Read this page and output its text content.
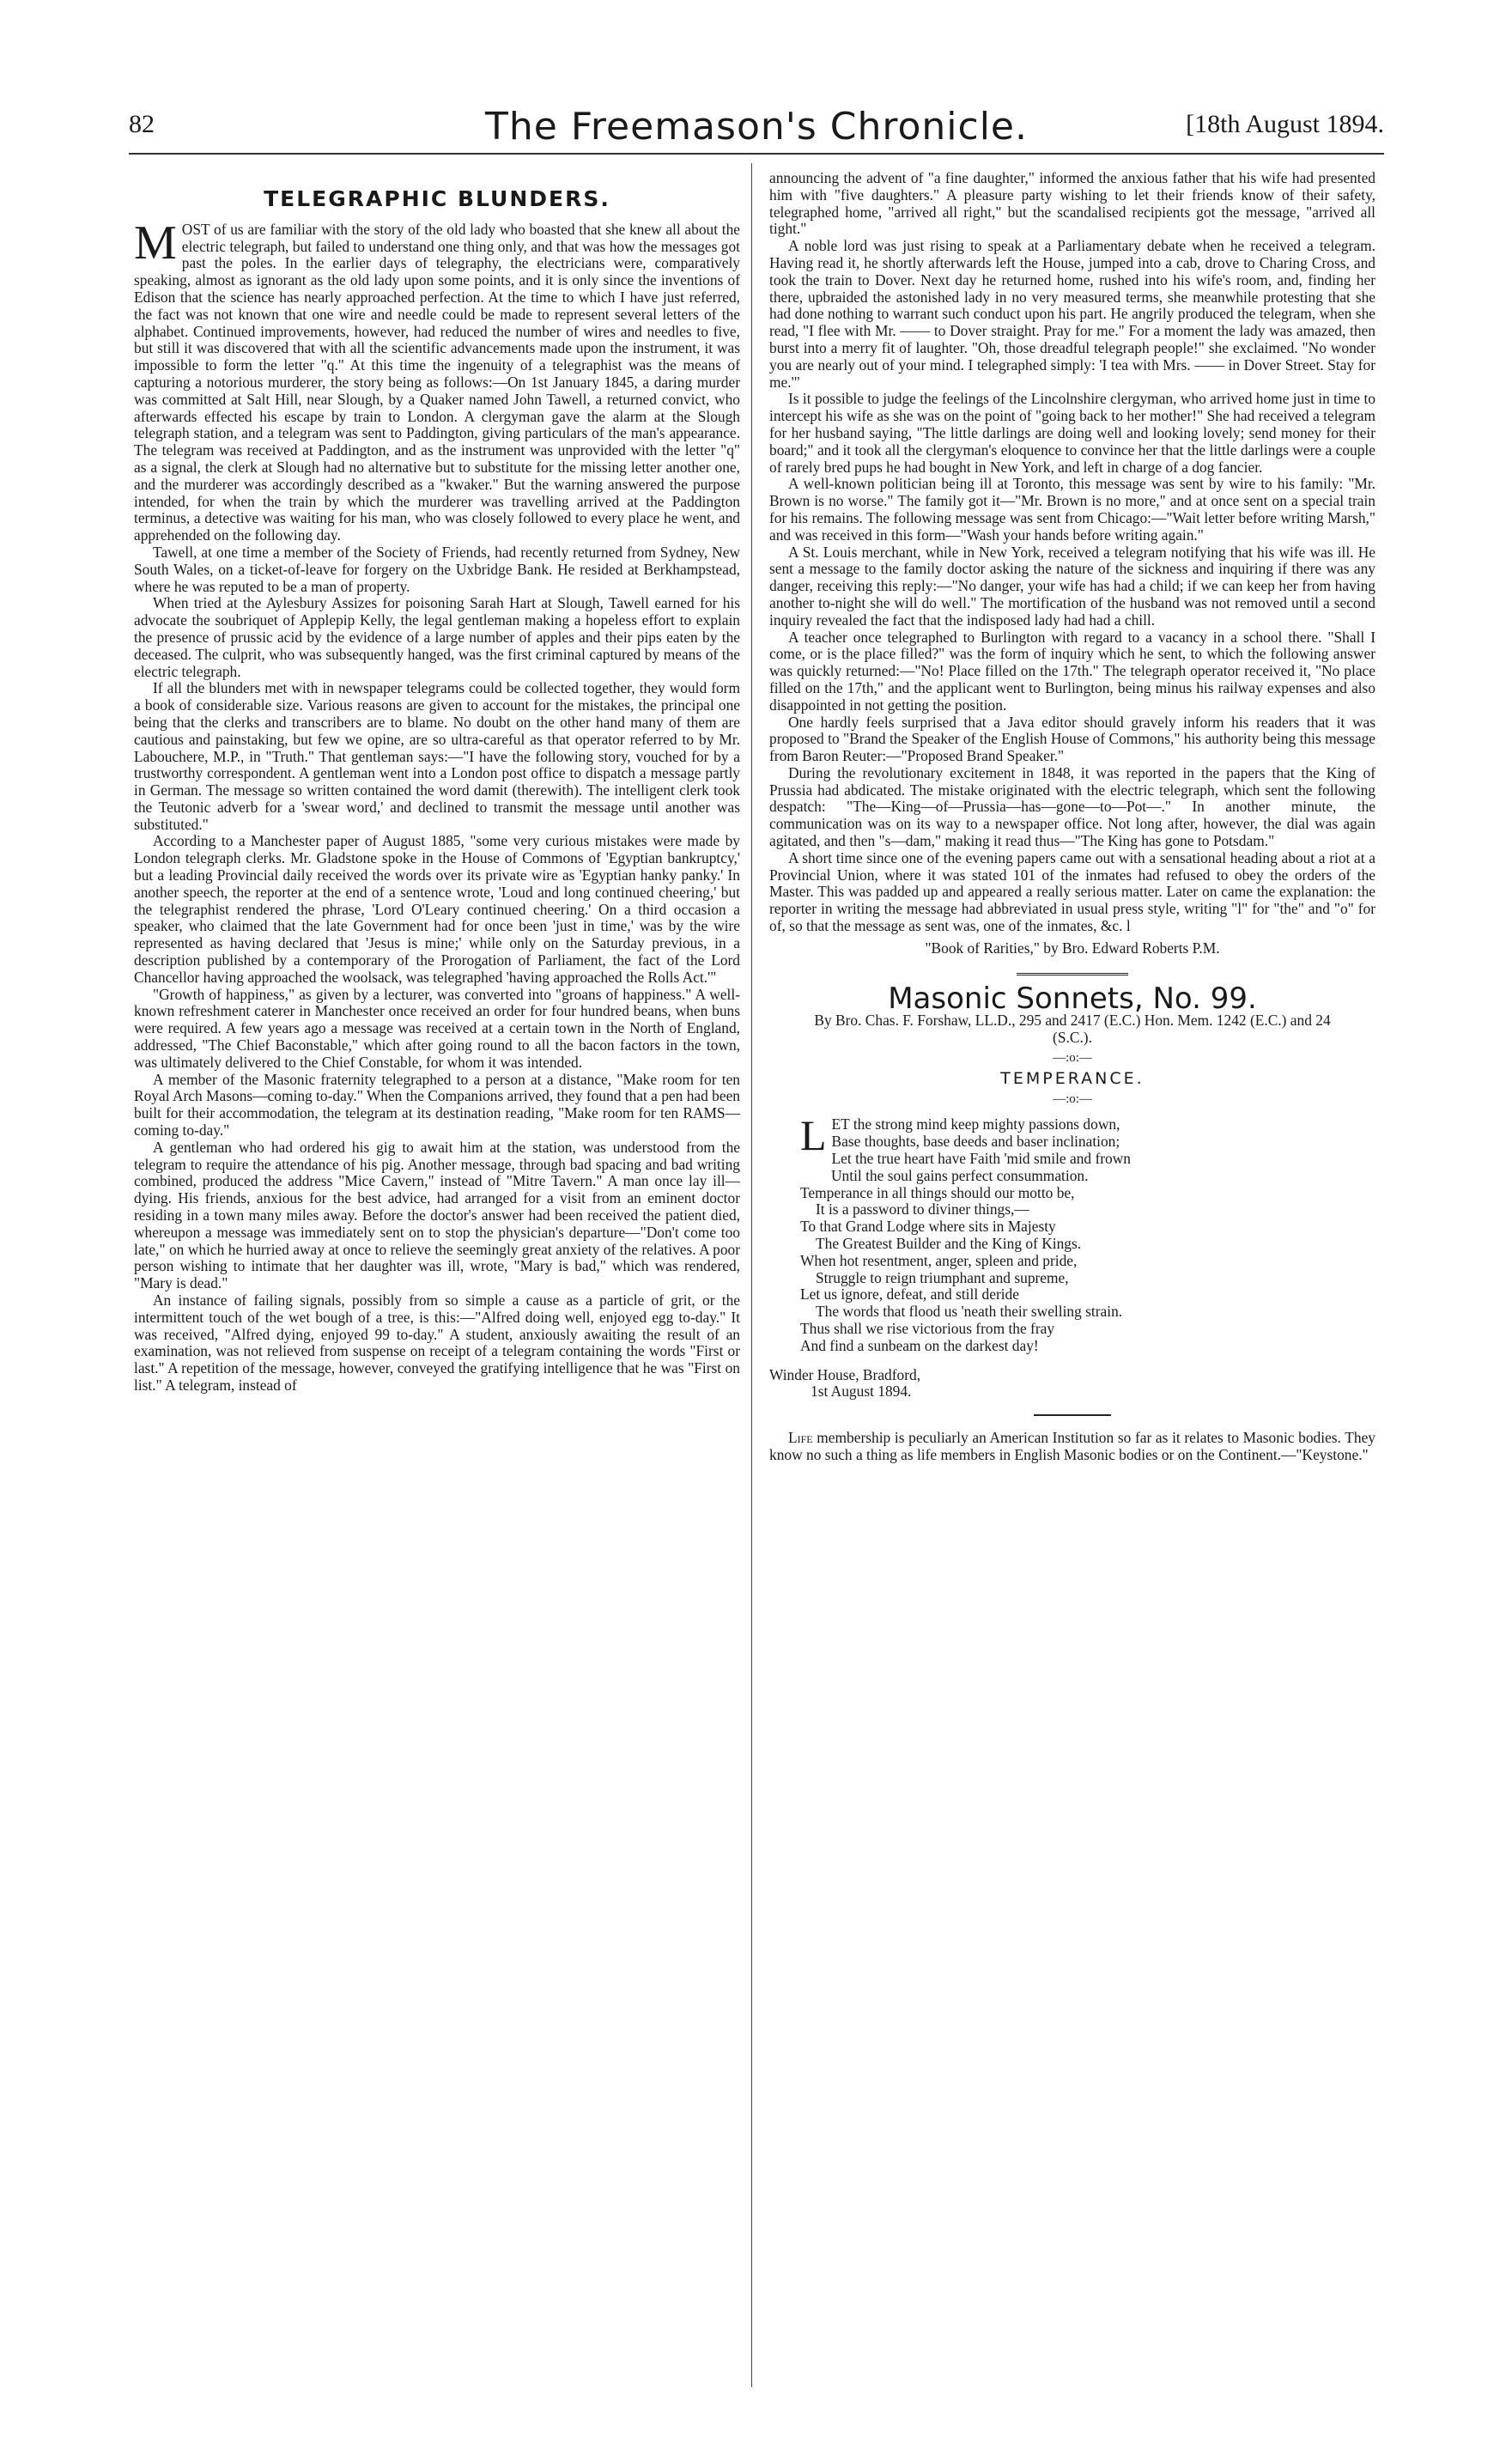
82	The Freemason's Chronicle.	[18th August 1894.
TELEGRAPHIC BLUNDERS.

MOST of us are familiar with the story of the old lady who boasted that she knew all about the electric telegraph, but failed to understand one thing only, and that was how the messages got past the poles. In the earlier days of telegraphy, the electricians were, comparatively speaking, almost as ignorant as the old lady upon some points, and it is only since the inventions of Edison that the science has nearly approached perfection. At the time to which I have just referred, the fact was not known that one wire and needle could be made to represent several letters of the alphabet. Continued improvements, however, had reduced the number of wires and needles to five, but still it was discovered that with all the scientific advancements made upon the instrument, it was impossible to form the letter "q." At this time the ingenuity of a telegraphist was the means of capturing a notorious murderer, the story being as follows:—On 1st January 1845, a daring murder was committed at Salt Hill, near Slough, by a Quaker named John Tawell, a returned convict, who afterwards effected his escape by train to London. A clergyman gave the alarm at the Slough telegraph station, and a telegram was sent to Paddington, giving particulars of the man's appearance. The telegram was received at Paddington, and as the instrument was unprovided with the letter "q" as a signal, the clerk at Slough had no alternative but to substitute for the missing letter another one, and the murderer was accordingly described as a "kwaker." But the warning answered the purpose intended, for when the train by which the murderer was travelling arrived at the Paddington terminus, a detective was waiting for his man, who was closely followed to every place he went, and apprehended on the following day.

Tawell, at one time a member of the Society of Friends, had recently returned from Sydney, New South Wales, on a ticket-of-leave for forgery on the Uxbridge Bank. He resided at Berkhampstead, where he was reputed to be a man of property.

When tried at the Aylesbury Assizes for poisoning Sarah Hart at Slough, Tawell earned for his advocate the soubriquet of Applepip Kelly, the legal gentleman making a hopeless effort to explain the presence of prussic acid by the evidence of a large number of apples and their pips eaten by the deceased. The culprit, who was subsequently hanged, was the first criminal captured by means of the electric telegraph.

If all the blunders met with in newspaper telegrams could be collected together, they would form a book of considerable size. Various reasons are given to account for the mistakes, the principal one being that the clerks and transcribers are to blame. No doubt on the other hand many of them are cautious and painstaking, but few we opine, are so ultra-careful as that operator referred to by Mr. Labouchere, M.P., in "Truth." That gentleman says:—"I have the following story, vouched for by a trustworthy correspondent. A gentleman went into a London post office to dispatch a message partly in German. The message so written contained the word damit (therewith). The intelligent clerk took the Teutonic adverb for a 'swear word,' and declined to transmit the message until another was substituted."

According to a Manchester paper of August 1885, "some very curious mistakes were made by London telegraph clerks. Mr. Gladstone spoke in the House of Commons of 'Egyptian bankruptcy,' but a leading Provincial daily received the words over its private wire as 'Egyptian hanky panky.' In another speech, the reporter at the end of a sentence wrote, 'Loud and long continued cheering,' but the telegraphist rendered the phrase, 'Lord O'Leary continued cheering.' On a third occasion a speaker, who claimed that the late Government had for once been 'just in time,' was by the wire represented as having declared that 'Jesus is mine;' while only on the Saturday previous, in a description published by a contemporary of the Prorogation of Parliament, the fact of the Lord Chancellor having approached the woolsack, was telegraphed 'having approached the Rolls Act.'"

"Growth of happiness," as given by a lecturer, was converted into "groans of happiness." A well-known refreshment caterer in Manchester once received an order for four hundred beans, when buns were required. A few years ago a message was received at a certain town in the North of England, addressed, "The Chief Baconstable," which after going round to all the bacon factors in the town, was ultimately delivered to the Chief Constable, for whom it was intended.

A member of the Masonic fraternity telegraphed to a person at a distance, "Make room for ten Royal Arch Masons—coming to-day." When the Companions arrived, they found that a pen had been built for their accommodation, the telegram at its destination reading, "Make room for ten RAMS—coming to-day."

A gentleman who had ordered his gig to await him at the station, was understood from the telegram to require the attendance of his pig. Another message, through bad spacing and bad writing combined, produced the address "Mice Cavern," instead of "Mitre Tavern." A man once lay ill—dying. His friends, anxious for the best advice, had arranged for a visit from an eminent doctor residing in a town many miles away. Before the doctor's answer had been received the patient died, whereupon a message was immediately sent on to stop the physician's departure—"Don't come too late," on which he hurried away at once to relieve the seemingly great anxiety of the relatives. A poor person wishing to intimate that her daughter was ill, wrote, "Mary is bad," which was rendered, "Mary is dead."

An instance of failing signals, possibly from so simple a cause as a particle of grit, or the intermittent touch of the wet bough of a tree, is this:—"Alfred doing well, enjoyed egg to-day." It was received, "Alfred dying, enjoyed 99 to-day." A student, anxiously awaiting the result of an examination, was not relieved from suspense on receipt of a telegram containing the words "First or last." A repetition of the message, however, conveyed the gratifying intelligence that he was "First on list." A telegram, instead of

announcing the advent of "a fine daughter," informed the anxious father that his wife had presented him with "five daughters." A pleasure party wishing to let their friends know of their safety, telegraphed home, "arrived all right," but the scandalised recipients got the message, "arrived all tight."

A noble lord was just rising to speak at a Parliamentary debate when he received a telegram. Having read it, he shortly afterwards left the House, jumped into a cab, drove to Charing Cross, and took the train to Dover. Next day he returned home, rushed into his wife's room, and, finding her there, upbraided the astonished lady in no very measured terms, she meanwhile protesting that she had done nothing to warrant such conduct upon his part. He angrily produced the telegram, when she read, "I flee with Mr. —— to Dover straight. Pray for me." For a moment the lady was amazed, then burst into a merry fit of laughter. "Oh, those dreadful telegraph people!" she exclaimed. "No wonder you are nearly out of your mind. I telegraphed simply: 'I tea with Mrs. —— in Dover Street. Stay for me.'"

Is it possible to judge the feelings of the Lincolnshire clergyman, who arrived home just in time to intercept his wife as she was on the point of "going back to her mother!" She had received a telegram for her husband saying, "The little darlings are doing well and looking lovely; send money for their board;" and it took all the clergyman's eloquence to convince her that the little darlings were a couple of rarely bred pups he had bought in New York, and left in charge of a dog fancier.

A well-known politician being ill at Toronto, this message was sent by wire to his family: "Mr. Brown is no worse." The family got it—"Mr. Brown is no more," and at once sent on a special train for his remains. The following message was sent from Chicago:—"Wait letter before writing Marsh," and was received in this form—"Wash your hands before writing again."

A St. Louis merchant, while in New York, received a telegram notifying that his wife was ill. He sent a message to the family doctor asking the nature of the sickness and inquiring if there was any danger, receiving this reply:—"No danger, your wife has had a child; if we can keep her from having another to-night she will do well." The mortification of the husband was not removed until a second inquiry revealed the fact that the indisposed lady had had a chill.

A teacher once telegraphed to Burlington with regard to a vacancy in a school there. "Shall I come, or is the place filled?" was the form of inquiry which he sent, to which the following answer was quickly returned:—"No! Place filled on the 17th." The telegraph operator received it, "No place filled on the 17th," and the applicant went to Burlington, being minus his railway expenses and also disappointed in not getting the position.

One hardly feels surprised that a Java editor should gravely inform his readers that it was proposed to "Brand the Speaker of the English House of Commons," his authority being this message from Baron Reuter:—"Proposed Brand Speaker."

During the revolutionary excitement in 1848, it was reported in the papers that the King of Prussia had abdicated. The mistake originated with the electric telegraph, which sent the following despatch: "The—King—of—Prussia—has—gone—to—Pot—." In another minute, the communication was on its way to a newspaper office. Not long after, however, the dial was again agitated, and then "s—dam," making it read thus—"The King has gone to Potsdam."

A short time since one of the evening papers came out with a sensational heading about a riot at a Provincial Union, where it was stated 101 of the inmates had refused to obey the orders of the Master. This was padded up and appeared a really serious matter. Later on came the explanation: the reporter in writing the message had abbreviated in usual press style, writing "l" for "the" and "o" for of, so that the message as sent was, one of the inmates, &c. l

"Book of Rarities," by Bro. Edward Roberts P.M.
Masonic Sonnets, No. 99.
By Bro. Chas. F. Forshaw, LL.D., 295 and 2417 (E.C.) Hon. Mem. 1242 (E.C.) and 24 (S.C.).
—:o:—
TEMPERANCE.
—:o:—
LET the strong mind keep mighty passions down,
Base thoughts, base deeds and baser inclination;
Let the true heart have Faith 'mid smile and frown
Until the soul gains perfect consummation.
Temperance in all things should our motto be,
It is a password to diviner things,—
To that Grand Lodge where sits in Majesty
The Greatest Builder and the King of Kings.
When hot resentment, anger, spleen and pride,
Struggle to reign triumphant and supreme,
Let us ignore, defeat, and still deride
The words that flood us 'neath their swelling strain.
Thus shall we rise victorious from the fray
And find a sunbeam on the darkest day!
Winder House, Bradford,
1st August 1894.

Life membership is peculiarly an American Institution so far as it relates to Masonic bodies. They know no such a thing as life members in English Masonic bodies or on the Continent.—"Keystone."
